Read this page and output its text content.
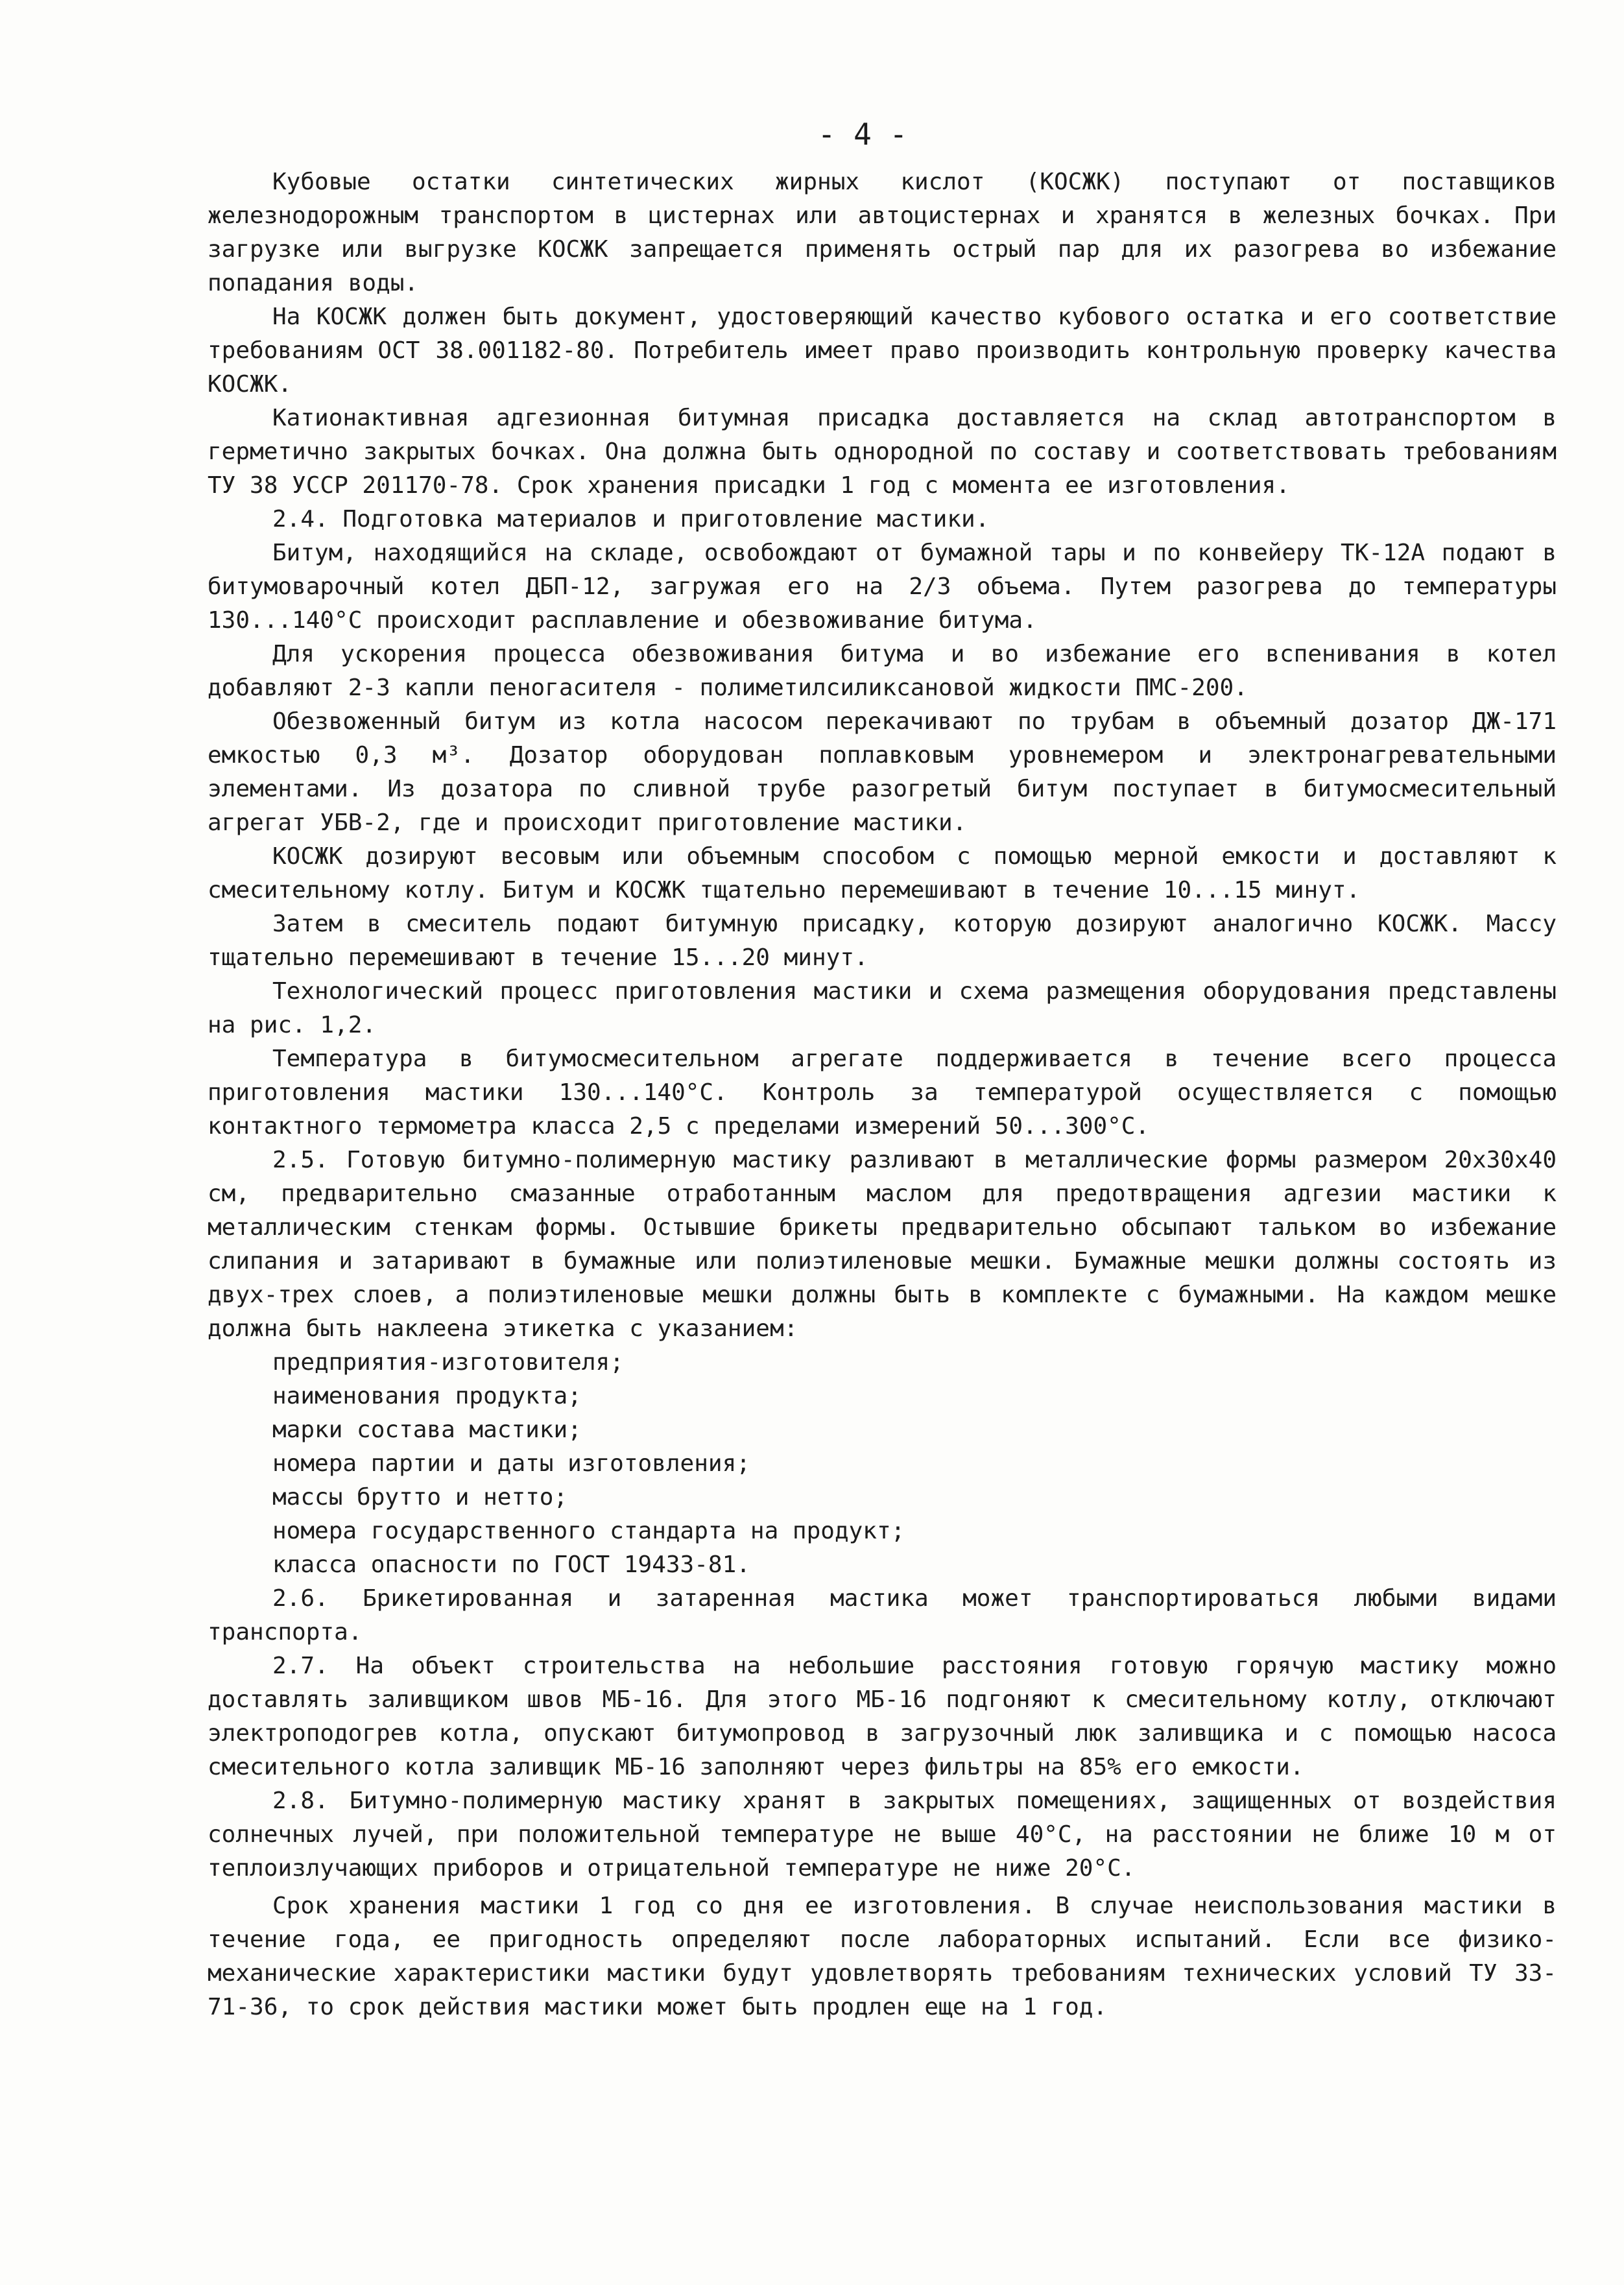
- 4 -

Кубовые остатки синтетических жирных кислот (КОСЖК) поступают от поставщиков железнодорожным транспортом в цистернах или автоцистернах и хранятся в железных бочках. При загрузке или выгрузке КОСЖК запрещается применять острый пар для их разогрева во избежание попадания воды.

На КОСЖК должен быть документ, удостоверяющий качество кубового остатка и его соответствие требованиям ОСТ 38.001182-80. Потребитель имеет право производить контрольную проверку качества КОСЖК.

Катионактивная адгезионная битумная присадка доставляется на склад автотранспортом в герметично закрытых бочках. Она должна быть однородной по составу и соответствовать требованиям ТУ 38 УССР 201170-78. Срок хранения присадки 1 год с момента ее изготовления.

2.4. Подготовка материалов и приготовление мастики.

Битум, находящийся на складе, освобождают от бумажной тары и по конвейеру ТК-12А подают в битумоварочный котел ДБП-12, загружая его на 2/3 объема. Путем разогрева до температуры 130...140°С происходит расплавление и обезвоживание битума.

Для ускорения процесса обезвоживания битума и во избежание его вспенивания в котел добавляют 2-3 капли пеногасителя - полиметилсиликсановой жидкости ПМС-200.

Обезвоженный битум из котла насосом перекачивают по трубам в объемный дозатор ДЖ-171 емкостью 0,3 м³. Дозатор оборудован поплавковым уровнемером и электронагревательными элементами. Из дозатора по сливной трубе разогретый битум поступает в битумосмесительный агрегат УБВ-2, где и происходит приготовление мастики.

КОСЖК дозируют весовым или объемным способом с помощью мерной емкости и доставляют к смесительному котлу. Битум и КОСЖК тщательно перемешивают в течение 10...15 минут.

Затем в смеситель подают битумную присадку, которую дозируют аналогично КОСЖК. Массу тщательно перемешивают в течение 15...20 минут.

Технологический процесс приготовления мастики и схема размещения оборудования представлены на рис. 1,2.

Температура в битумосмесительном агрегате поддерживается в течение всего процесса приготовления мастики 130...140°С. Контроль за температурой осуществляется с помощью контактного термометра класса 2,5 с пределами измерений 50...300°С.

2.5. Готовую битумно-полимерную мастику разливают в металлические формы размером 20х30х40 см, предварительно смазанные отработанным маслом для предотвращения адгезии мастики к металлическим стенкам формы. Остывшие брикеты предварительно обсыпают тальком во избежание слипания и затаривают в бумажные или полиэтиленовые мешки. Бумажные мешки должны состоять из двух-трех слоев, а полиэтиленовые мешки должны быть в комплекте с бумажными. На каждом мешке должна быть наклеена этикетка с указанием:

предприятия-изготовителя;

наименования продукта;

марки состава мастики;

номера партии и даты изготовления;

массы брутто и нетто;

номера государственного стандарта на продукт;

класса опасности по ГОСТ 19433-81.

2.6. Брикетированная и затаренная мастика может транспортироваться любыми видами транспорта.

2.7. На объект строительства на небольшие расстояния готовую горячую мастику можно доставлять заливщиком швов МБ-16. Для этого МБ-16 подгоняют к смесительному котлу, отключают электроподогрев котла, опускают битумопровод в загрузочный люк заливщика и с помощью насоса смесительного котла заливщик МБ-16 заполняют через фильтры на 85% его емкости.

2.8. Битумно-полимерную мастику хранят в закрытых помещениях, защищенных от воздействия солнечных лучей, при положительной температуре не выше 40°С, на расстоянии не ближе 10 м от теплоизлучающих приборов и отрицательной температуре не ниже 20°С.

Срок хранения мастики 1 год со дня ее изготовления. В случае неиспользования мастики в течение года, ее пригодность определяют после лабораторных испытаний. Если все физико-механические характеристики мастики будут удовлетворять требованиям технических условий ТУ 33-71-36, то срок действия мастики может быть продлен еще на 1 год.
